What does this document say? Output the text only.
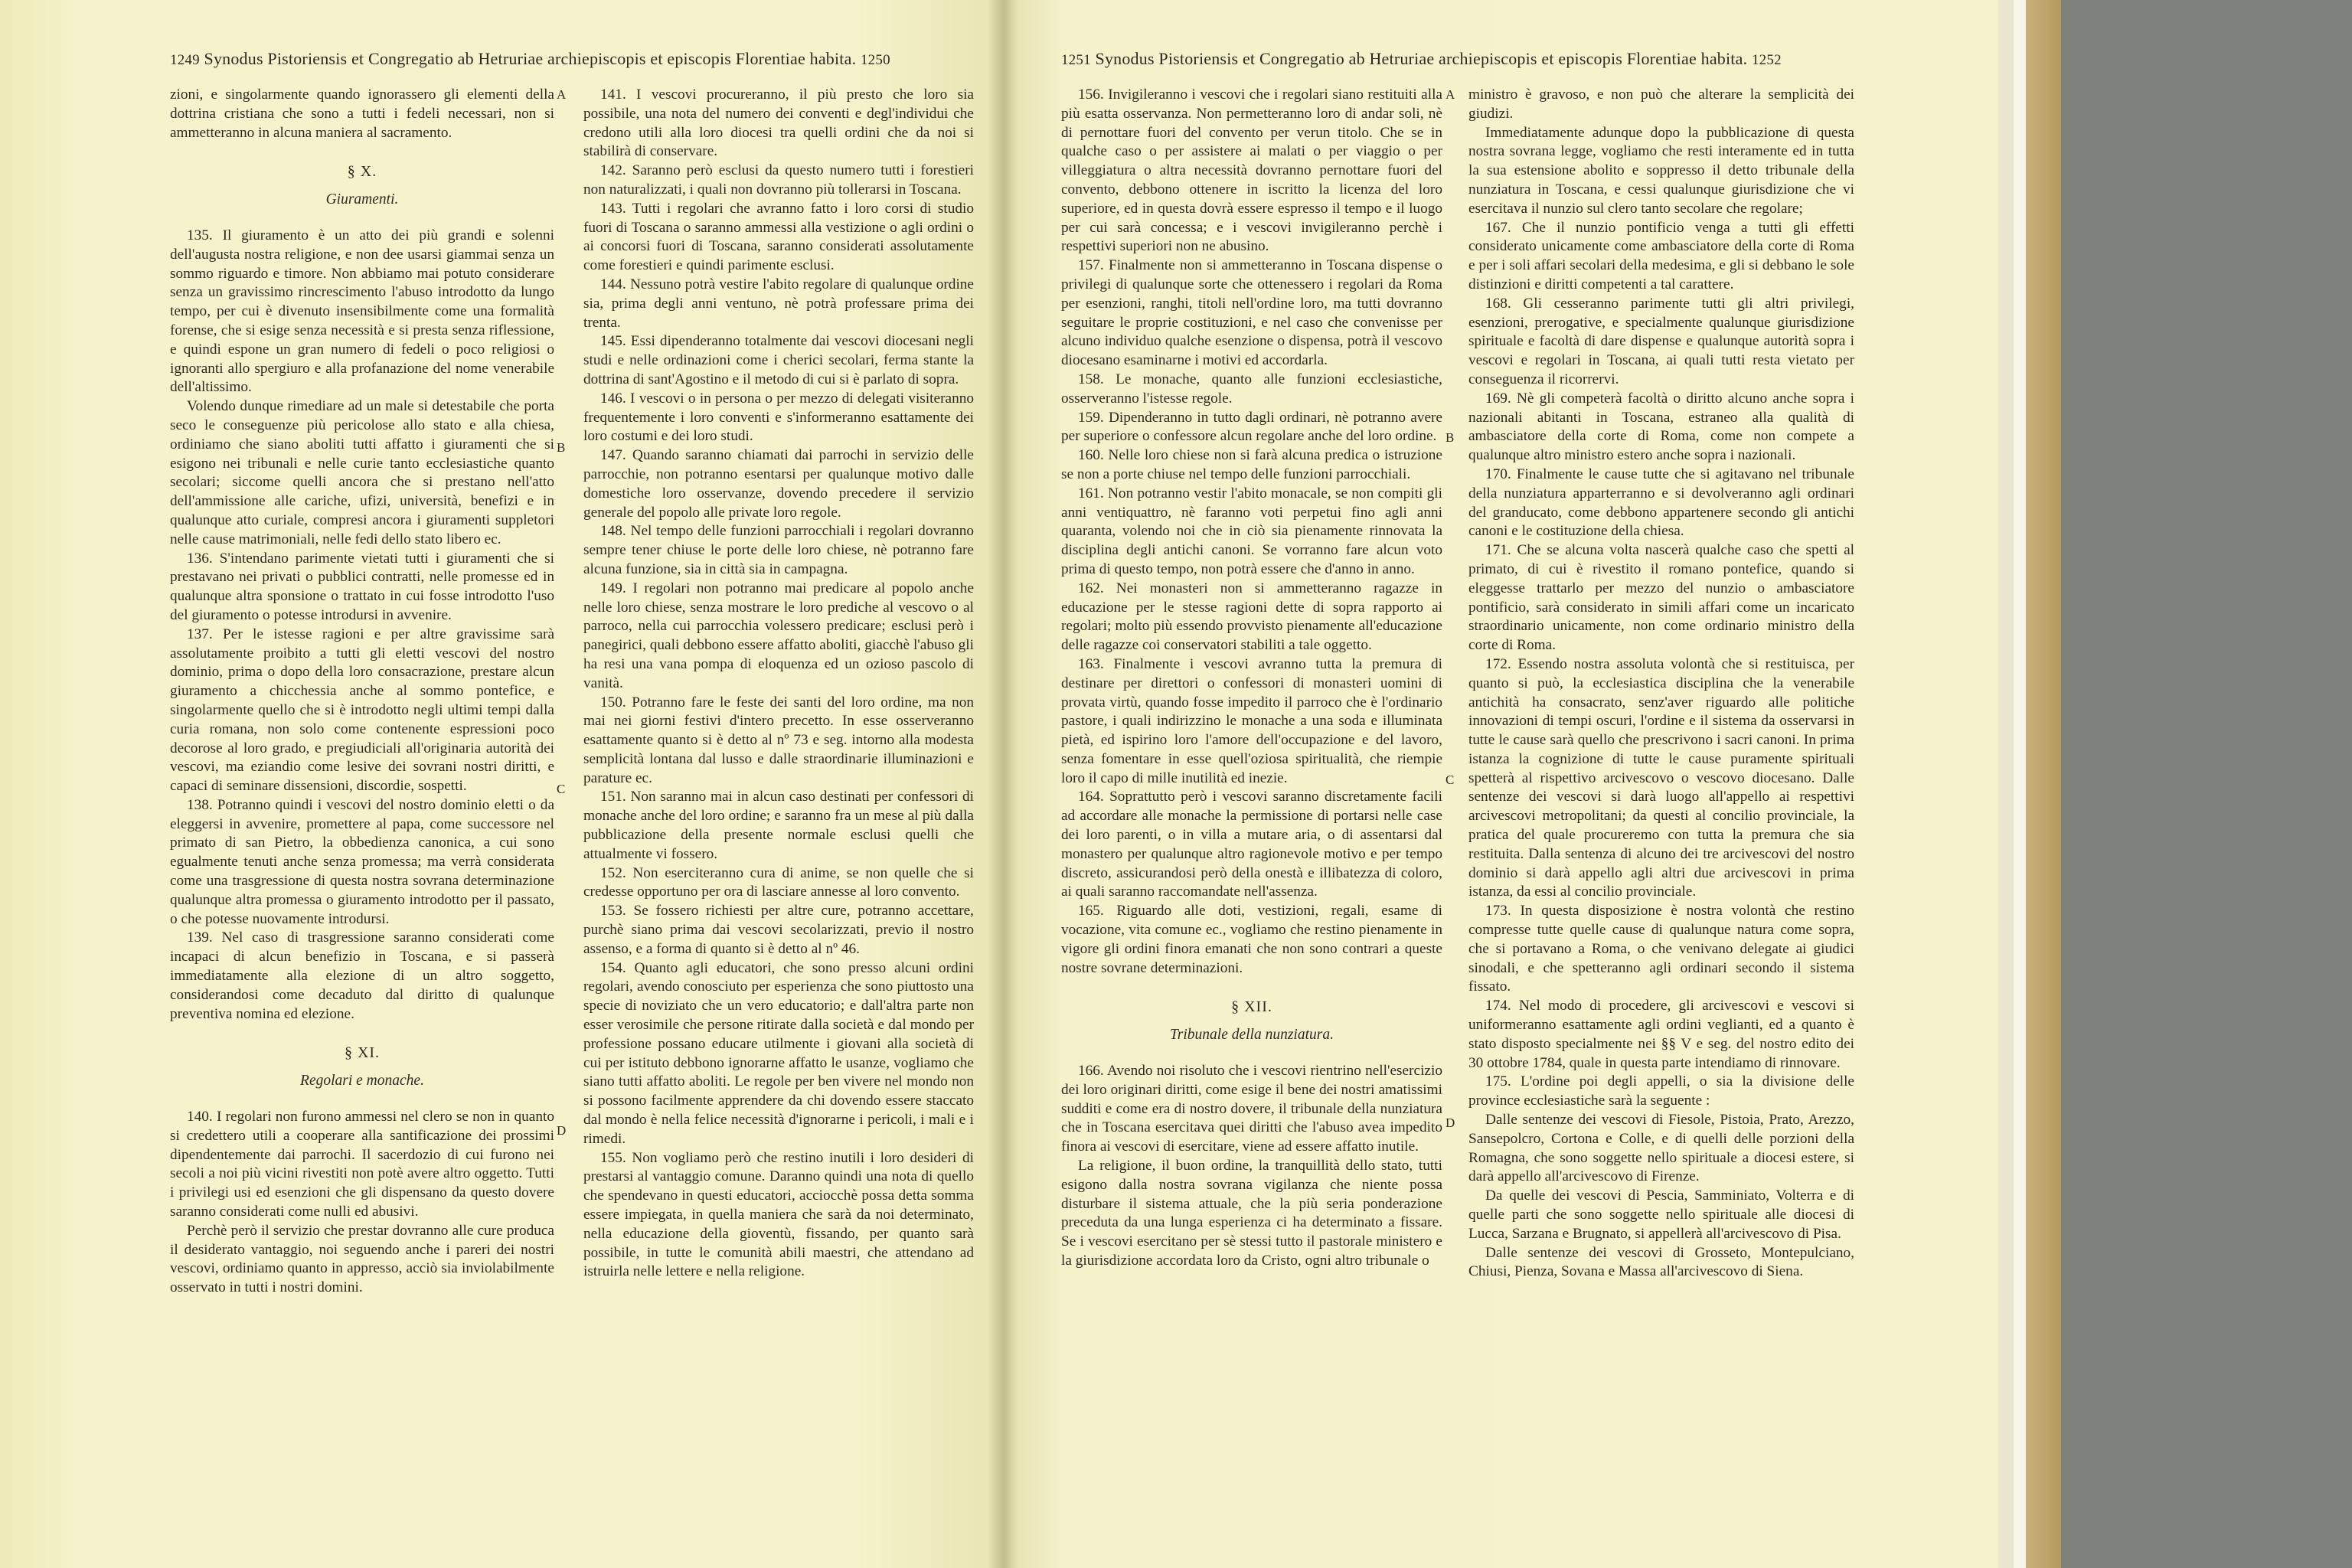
1249 Synodus Pistoriensis et Congregatio ab Hetruriae archiepiscopis et episcopis Florentiae habita. 1250

zioni, e singolarmente quando ignorassero gli elementi della dottrina cristiana che sono a tutti i fedeli necessari, non si ammetteranno in alcuna maniera al sacramento.

§ X.
Giuramenti.

135. Il giuramento è un atto dei più grandi e solenni dell'augusta nostra religione, e non dee usarsi giammai senza un sommo riguardo e timore. Non abbiamo mai potuto considerare senza un gravissimo rincrescimento l'abuso introdotto da lungo tempo, per cui è divenuto insensibilmente come una formalità forense, che si esige senza necessità e si presta senza riflessione, e quindi espone un gran numero di fedeli o poco religiosi o ignoranti allo spergiuro e alla profanazione del nome venerabile dell'altissimo.

Volendo dunque rimediare ad un male si detestabile che porta seco le conseguenze più pericolose allo stato e alla chiesa, ordiniamo che siano aboliti tutti affatto i giuramenti che si esigono nei tribunali e nelle curie tanto ecclesiastiche quanto secolari; siccome quelli ancora che si prestano nell'atto dell'ammissione alle cariche, ufizi, università, benefizi e in qualunque atto curiale, compresi ancora i giuramenti suppletori nelle cause matrimoniali, nelle fedi dello stato libero ec.

136. S'intendano parimente vietati tutti i giuramenti che si prestavano nei privati o pubblici contratti, nelle promesse ed in qualunque altra sponsione o trattato in cui fosse introdotto l'uso del giuramento o potesse introdursi in avvenire.

137. Per le istesse ragioni e per altre gravissime sarà assolutamente proibito a tutti gli eletti vescovi del nostro dominio, prima o dopo della loro consacrazione, prestare alcun giuramento a chicchessia anche al sommo pontefice, e singolarmente quello che si è introdotto negli ultimi tempi dalla curia romana, non solo come contenente espressioni poco decorose al loro grado, e pregiudiciali all'originaria autorità dei vescovi, ma eziandio come lesive dei sovrani nostri diritti, e capaci di seminare dissensioni, discordie, sospetti.

138. Potranno quindi i vescovi del nostro dominio eletti o da eleggersi in avvenire, promettere al papa, come successore nel primato di san Pietro, la obbedienza canonica, a cui sono egualmente tenuti anche senza promessa; ma verrà considerata come una trasgressione di questa nostra sovrana determinazione qualunque altra promessa o giuramento introdotto per il passato, o che potesse nuovamente introdursi.

139. Nel caso di trasgressione saranno considerati come incapaci di alcun benefizio in Toscana, e si passerà immediatamente alla elezione di un altro soggetto, considerandosi come decaduto dal diritto di qualunque preventiva nomina ed elezione.

§ XI.
Regolari e monache.

140. I regolari non furono ammessi nel clero se non in quanto si credettero utili a cooperare alla santificazione dei prossimi dipendentemente dai parrochi. Il sacerdozio di cui furono nei secoli a noi più vicini rivestiti non potè avere altro oggetto. Tutti i privilegi usi ed esenzioni che gli dispensano da questo dovere saranno considerati come nulli ed abusivi.

Perchè però il servizio che prestar dovranno alle cure produca il desiderato vantaggio, noi seguendo anche i pareri dei nostri vescovi, ordiniamo quanto in appresso, acciò sia inviolabilmente osservato in tutti i nostri domini.

141. I vescovi procureranno, il più presto che loro sia possibile, una nota del numero dei conventi e degl'individui che credono utili alla loro diocesi tra quelli ordini che da noi si stabilirà di conservare.

142. Saranno però esclusi da questo numero tutti i forestieri non naturalizzati, i quali non dovranno più tollerarsi in Toscana.

143. Tutti i regolari che avranno fatto i loro corsi di studio fuori di Toscana o saranno ammessi alla vestizione o agli ordini o ai concorsi fuori di Toscana, saranno considerati assolutamente come forestieri e quindi parimente esclusi.

144. Nessuno potrà vestire l'abito regolare di qualunque ordine sia, prima degli anni ventuno, nè potrà professare prima dei trenta.

145. Essi dipenderanno totalmente dai vescovi diocesani negli studi e nelle ordinazioni come i cherici secolari, ferma stante la dottrina di sant'Agostino e il metodo di cui si è parlato di sopra.

146. I vescovi o in persona o per mezzo di delegati visiteranno frequentemente i loro conventi e s'informeranno esattamente dei loro costumi e dei loro studi.

147. Quando saranno chiamati dai parrochi in servizio delle parrocchie, non potranno esentarsi per qualunque motivo dalle domestiche loro osservanze, dovendo precedere il servizio generale del popolo alle private loro regole.

148. Nel tempo delle funzioni parrocchiali i regolari dovranno sempre tener chiuse le porte delle loro chiese, nè potranno fare alcuna funzione, sia in città sia in campagna.

149. I regolari non potranno mai predicare al popolo anche nelle loro chiese, senza mostrare le loro prediche al vescovo o al parroco, nella cui parrocchia volessero predicare; esclusi però i panegirici, quali debbono essere affatto aboliti, giacchè l'abuso gli ha resi una vana pompa di eloquenza ed un ozioso pascolo di vanità.

150. Potranno fare le feste dei santi del loro ordine, ma non mai nei giorni festivi d'intero precetto. In esse osserveranno esattamente quanto si è detto al nº 73 e seg. intorno alla modesta semplicità lontana dal lusso e dalle straordinarie illuminazioni e parature ec.

151. Non saranno mai in alcun caso destinati per confessori di monache anche del loro ordine; e saranno fra un mese al più dalla pubblicazione della presente normale esclusi quelli che attualmente vi fossero.

152. Non eserciteranno cura di anime, se non quelle che si credesse opportuno per ora di lasciare annesse al loro convento.

153. Se fossero richiesti per altre cure, potranno accettare, purchè siano prima dai vescovi secolarizzati, previo il nostro assenso, e a forma di quanto si è detto al nº 46.

154. Quanto agli educatori, che sono presso alcuni ordini regolari, avendo conosciuto per esperienza che sono piuttosto una specie di noviziato che un vero educatorio; e dall'altra parte non esser verosimile che persone ritirate dalla società e dal mondo per professione possano educare utilmente i giovani alla società di cui per istituto debbono ignorarne affatto le usanze, vogliamo che siano tutti affatto aboliti. Le regole per ben vivere nel mondo non si possono facilmente apprendere da chi dovendo essere staccato dal mondo è nella felice necessità d'ignorarne i pericoli, i mali e i rimedi.

155. Non vogliamo però che restino inutili i loro desideri di prestarsi al vantaggio comune. Daranno quindi una nota di quello che spendevano in questi educatori, acciocchè possa detta somma essere impiegata, in quella maniera che sarà da noi determinato, nella educazione della gioventù, fissando, per quanto sarà possibile, in tutte le comunità abili maestri, che attendano ad istruirla nelle lettere e nella religione.

A
B
C
D
1251 Synodus Pistoriensis et Congregatio ab Hetruriae archiepiscopis et episcopis Florentiae habita. 1252

156. Invigileranno i vescovi che i regolari siano restituiti alla più esatta osservanza. Non permetteranno loro di andar soli, nè di pernottare fuori del convento per verun titolo. Che se in qualche caso o per assistere ai malati o per viaggio o per villeggiatura o altra necessità dovranno pernottare fuori del convento, debbono ottenere in iscritto la licenza del loro superiore, ed in questa dovrà essere espresso il tempo e il luogo per cui sarà concessa; e i vescovi invigileranno perchè i respettivi superiori non ne abusino.

157. Finalmente non si ammetteranno in Toscana dispense o privilegi di qualunque sorte che ottenessero i regolari da Roma per esenzioni, ranghi, titoli nell'ordine loro, ma tutti dovranno seguitare le proprie costituzioni, e nel caso che convenisse per alcuno individuo qualche esenzione o dispensa, potrà il vescovo diocesano esaminarne i motivi ed accordarla.

158. Le monache, quanto alle funzioni ecclesiastiche, osserveranno l'istesse regole.

159. Dipenderanno in tutto dagli ordinari, nè potranno avere per superiore o confessore alcun regolare anche del loro ordine.

160. Nelle loro chiese non si farà alcuna predica o istruzione se non a porte chiuse nel tempo delle funzioni parrocchiali.

161. Non potranno vestir l'abito monacale, se non compiti gli anni ventiquattro, nè faranno voti perpetui fino agli anni quaranta, volendo noi che in ciò sia pienamente rinnovata la disciplina degli antichi canoni. Se vorranno fare alcun voto prima di questo tempo, non potrà essere che d'anno in anno.

162. Nei monasteri non si ammetteranno ragazze in educazione per le stesse ragioni dette di sopra rapporto ai regolari; molto più essendo provvisto pienamente all'educazione delle ragazze coi conservatori stabiliti a tale oggetto.

163. Finalmente i vescovi avranno tutta la premura di destinare per direttori o confessori di monasteri uomini di provata virtù, quando fosse impedito il parroco che è l'ordinario pastore, i quali indirizzino le monache a una soda e illuminata pietà, ed ispirino loro l'amore dell'occupazione e del lavoro, senza fomentare in esse quell'oziosa spiritualità, che riempie loro il capo di mille inutilità ed inezie.

164. Soprattutto però i vescovi saranno discretamente facili ad accordare alle monache la permissione di portarsi nelle case dei loro parenti, o in villa a mutare aria, o di assentarsi dal monastero per qualunque altro ragionevole motivo e per tempo discreto, assicurandosi però della onestà e illibatezza di coloro, ai quali saranno raccomandate nell'assenza.

165. Riguardo alle doti, vestizioni, regali, esame di vocazione, vita comune ec., vogliamo che restino pienamente in vigore gli ordini finora emanati che non sono contrari a queste nostre sovrane determinazioni.

§ XII.
Tribunale della nunziatura.

166. Avendo noi risoluto che i vescovi rientrino nell'esercizio dei loro originari diritti, come esige il bene dei nostri amatissimi sudditi e come era di nostro dovere, il tribunale della nunziatura che in Toscana esercitava quei diritti che l'abuso avea impedito finora ai vescovi di esercitare, viene ad essere affatto inutile.

La religione, il buon ordine, la tranquillità dello stato, tutti esigono dalla nostra sovrana vigilanza che niente possa disturbare il sistema attuale, che la più seria ponderazione preceduta da una lunga esperienza ci ha determinato a fissare. Se i vescovi esercitano per sè stessi tutto il pastorale ministero e la giurisdizione accordata loro da Cristo, ogni altro tribunale o

ministro è gravoso, e non può che alterare la semplicità dei giudizi.

Immediatamente adunque dopo la pubblicazione di questa nostra sovrana legge, vogliamo che resti interamente ed in tutta la sua estensione abolito e soppresso il detto tribunale della nunziatura in Toscana, e cessi qualunque giurisdizione che vi esercitava il nunzio sul clero tanto secolare che regolare;

167. Che il nunzio pontificio venga a tutti gli effetti considerato unicamente come ambasciatore della corte di Roma e per i soli affari secolari della medesima, e gli si debbano le sole distinzioni e diritti competenti a tal carattere.

168. Gli cesseranno parimente tutti gli altri privilegi, esenzioni, prerogative, e specialmente qualunque giurisdizione spirituale e facoltà di dare dispense e qualunque autorità sopra i vescovi e regolari in Toscana, ai quali tutti resta vietato per conseguenza il ricorrervi.

169. Nè gli competerà facoltà o diritto alcuno anche sopra i nazionali abitanti in Toscana, estraneo alla qualità di ambasciatore della corte di Roma, come non compete a qualunque altro ministro estero anche sopra i nazionali.

170. Finalmente le cause tutte che si agitavano nel tribunale della nunziatura apparterranno e si devolveranno agli ordinari del granducato, come debbono appartenere secondo gli antichi canoni e le costituzione della chiesa.

171. Che se alcuna volta nascerà qualche caso che spetti al primato, di cui è rivestito il romano pontefice, quando si eleggesse trattarlo per mezzo del nunzio o ambasciatore pontificio, sarà considerato in simili affari come un incaricato straordinario unicamente, non come ordinario ministro della corte di Roma.

172. Essendo nostra assoluta volontà che si restituisca, per quanto si può, la ecclesiastica disciplina che la venerabile antichità ha consacrato, senz'aver riguardo alle politiche innovazioni di tempi oscuri, l'ordine e il sistema da osservarsi in tutte le cause sarà quello che prescrivono i sacri canoni. In prima istanza la cognizione di tutte le cause puramente spirituali spetterà al rispettivo arcivescovo o vescovo diocesano. Dalle sentenze dei vescovi si darà luogo all'appello ai respettivi arcivescovi metropolitani; da questi al concilio provinciale, la pratica del quale procureremo con tutta la premura che sia restituita. Dalla sentenza di alcuno dei tre arcivescovi del nostro dominio si darà appello agli altri due arcivescovi in prima istanza, da essi al concilio provinciale.

173. In questa disposizione è nostra volontà che restino compresse tutte quelle cause di qualunque natura come sopra, che si portavano a Roma, o che venivano delegate ai giudici sinodali, e che spetteranno agli ordinari secondo il sistema fissato.

174. Nel modo di procedere, gli arcivescovi e vescovi si uniformeranno esattamente agli ordini veglianti, ed a quanto è stato disposto specialmente nei §§ V e seg. del nostro edito dei 30 ottobre 1784, quale in questa parte intendiamo di rinnovare.

175. L'ordine poi degli appelli, o sia la divisione delle province ecclesiastiche sarà la seguente :

Dalle sentenze dei vescovi di Fiesole, Pistoia, Prato, Arezzo, Sansepolcro, Cortona e Colle, e di quelli delle porzioni della Romagna, che sono soggette nello spirituale a diocesi estere, si darà appello all'arcivescovo di Firenze.

Da quelle dei vescovi di Pescia, Samminiato, Volterra e di quelle parti che sono soggette nello spirituale alle diocesi di Lucca, Sarzana e Brugnato, si appellerà all'arcivescovo di Pisa.

Dalle sentenze dei vescovi di Grosseto, Montepulciano, Chiusi, Pienza, Sovana e Massa all'arcivescovo di Siena.

A
B
C
D
